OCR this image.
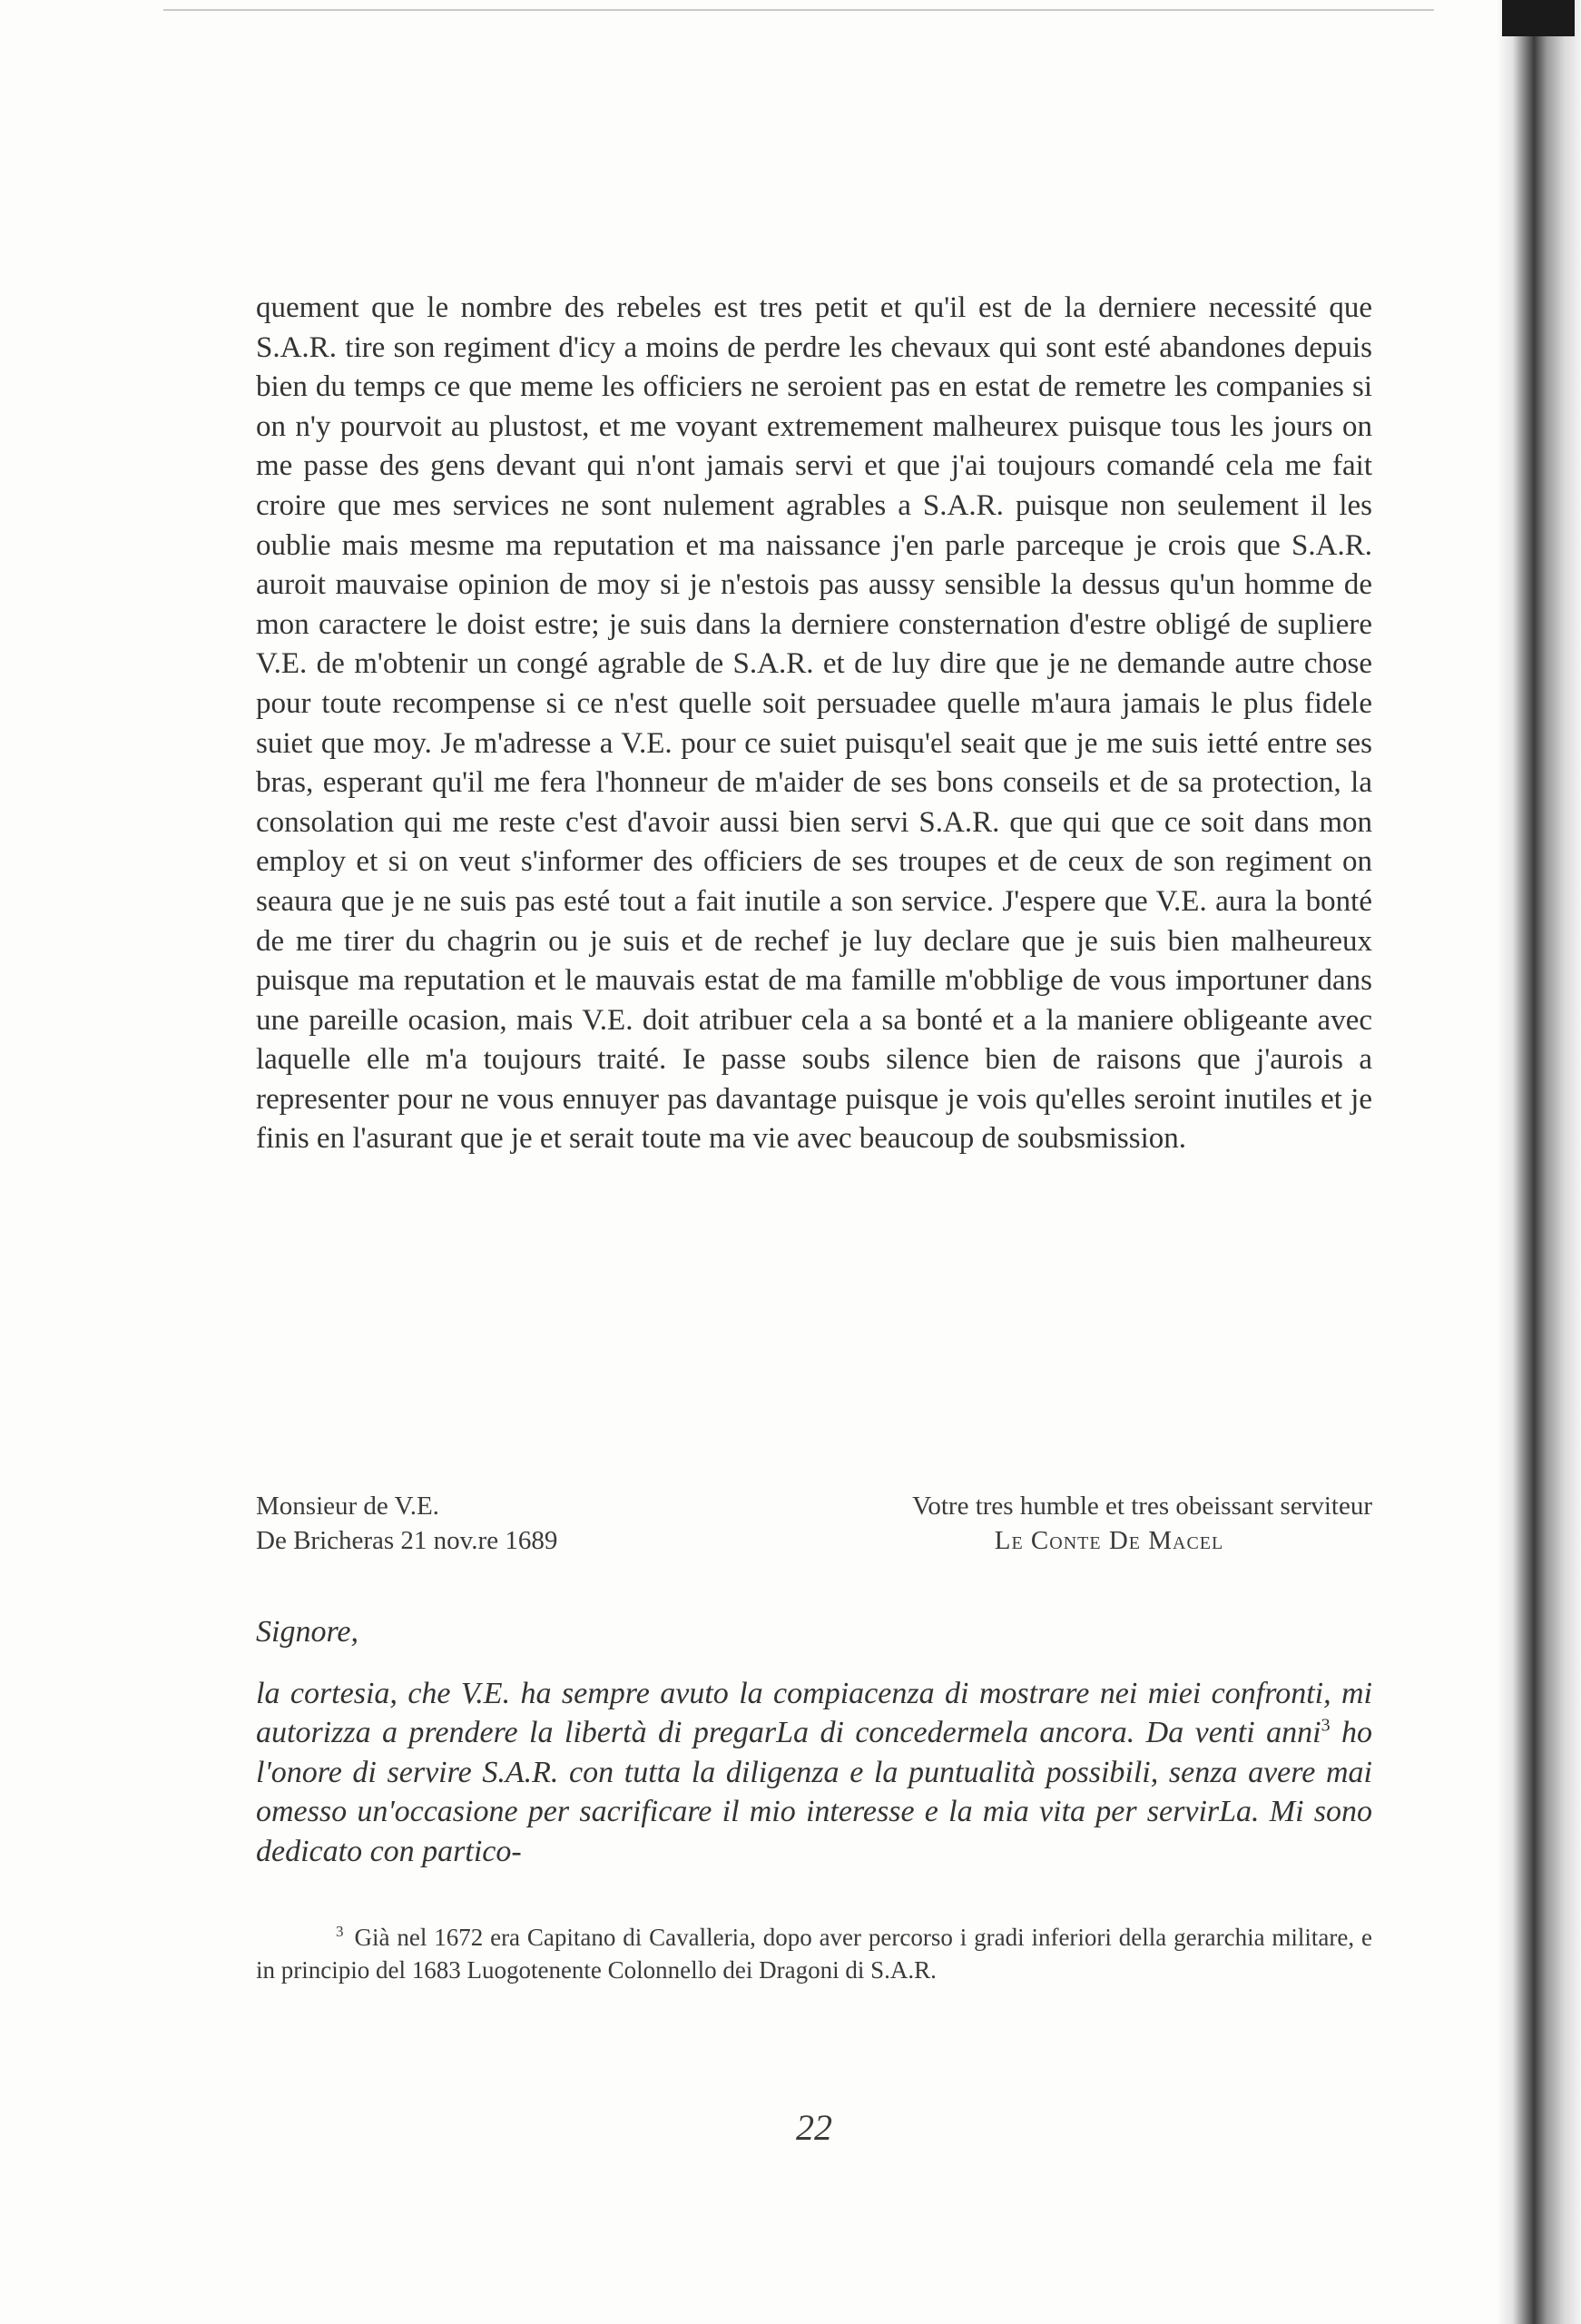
quement que le nombre des rebeles est tres petit et qu'il est de la derniere necessité que S.A.R. tire son regiment d'icy a moins de perdre les chevaux qui sont esté abandones depuis bien du temps ce que meme les officiers ne seroient pas en estat de remetre les companies si on n'y pourvoit au plustost, et me voyant extremement malheurex puisque tous les jours on me passe des gens devant qui n'ont jamais servi et que j'ai toujours comandé cela me fait croire que mes services ne sont nulement agrables a S.A.R. puisque non seulement il les oublie mais mesme ma reputation et ma naissance j'en parle parceque je crois que S.A.R. auroit mauvaise opinion de moy si je n'estois pas aussy sensible la dessus qu'un homme de mon caractere le doist estre; je suis dans la derniere consternation d'estre obligé de supliere V.E. de m'obtenir un congé agrable de S.A.R. et de luy dire que je ne demande autre chose pour toute recompense si ce n'est quelle soit persuadee quelle m'aura jamais le plus fidele suiet que moy. Je m'adresse a V.E. pour ce suiet puisqu'el seait que je me suis ietté entre ses bras, esperant qu'il me fera l'honneur de m'aider de ses bons conseils et de sa protection, la consolation qui me reste c'est d'avoir aussi bien servi S.A.R. que qui que ce soit dans mon employ et si on veut s'informer des officiers de ses troupes et de ceux de son regiment on seaura que je ne suis pas esté tout a fait inutile a son service. J'espere que V.E. aura la bonté de me tirer du chagrin ou je suis et de rechef je luy declare que je suis bien malheureux puisque ma reputation et le mauvais estat de ma famille m'obblige de vous importuner dans une pareille ocasion, mais V.E. doit atribuer cela a sa bonté et a la maniere obligeante avec laquelle elle m'a toujours traité. Ie passe soubs silence bien de raisons que j'aurois a representer pour ne vous ennuyer pas davantage puisque je vois qu'elles seroint inutiles et je finis en l'asurant que je et serait toute ma vie avec beaucoup de soubsmission.

Monsieur de V.E.
De Bricheras 21 nov.re 1689
Votre tres humble et tres obeissant serviteur
Le Conte De Macel

Signore,

la cortesia, che V.E. ha sempre avuto la compiacenza di mostrare nei miei confronti, mi autorizza a prendere la libertà di pregarLa di concedermela ancora. Da venti anni$^3$ ho l'onore di servire S.A.R. con tutta la diligenza e la puntualità possibili, senza avere mai omesso un'occasione per sacrificare il mio interesse e la mia vita per servirLa. Mi sono dedicato con partico-

$^3$ Già nel 1672 era Capitano di Cavalleria, dopo aver percorso i gradi inferiori della gerarchia militare, e in principio del 1683 Luogotenente Colonnello dei Dragoni di S.A.R.

22
